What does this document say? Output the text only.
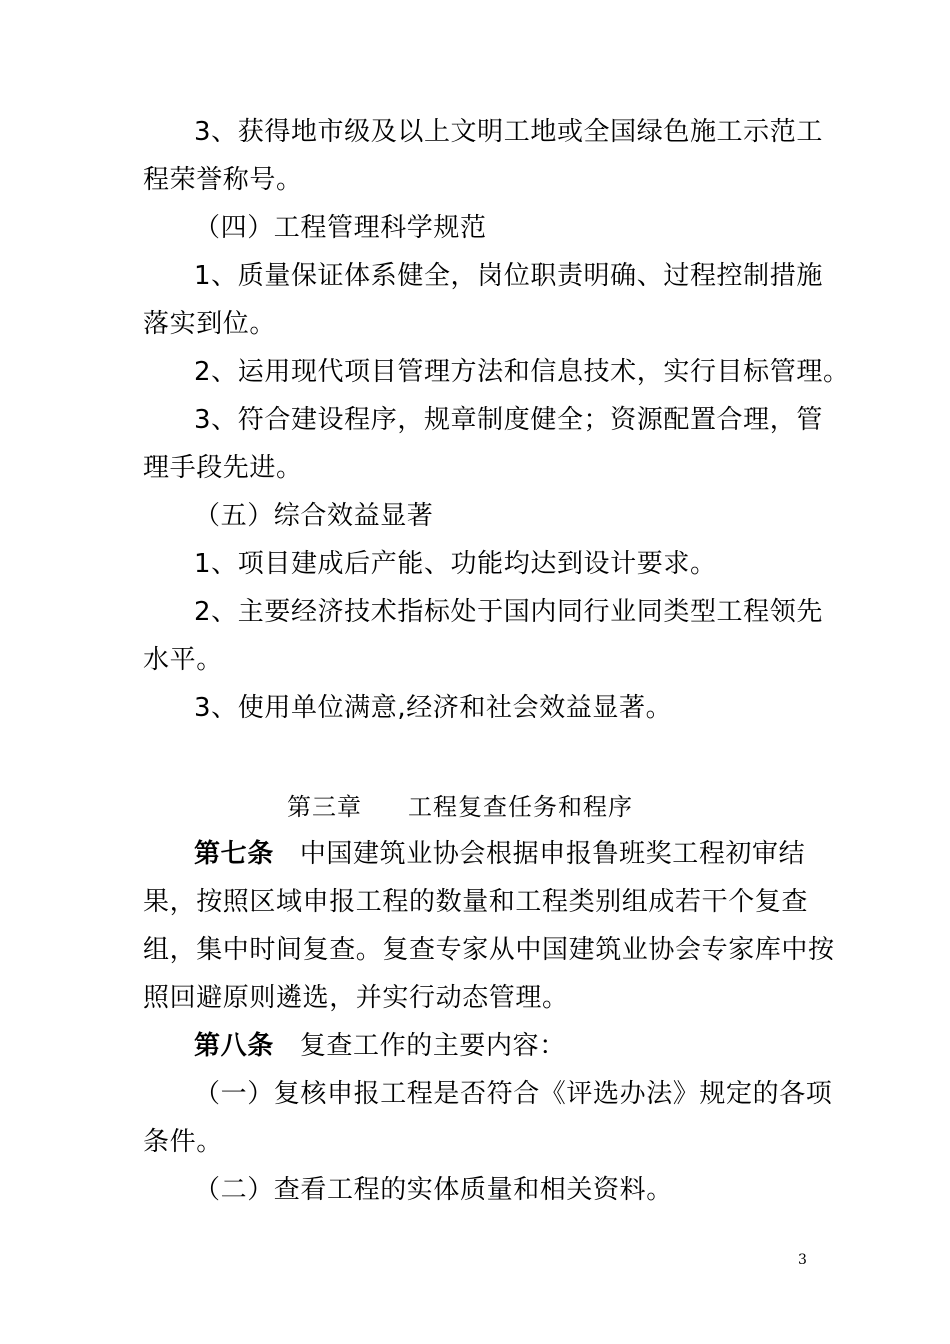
3、获得地市级及以上文明工地或全国绿色施工示范工
程荣誉称号。
（四）工程管理科学规范
1、质量保证体系健全，岗位职责明确、过程控制措施
落实到位。
2、运用现代项目管理方法和信息技术，实行目标管理。
3、符合建设程序，规章制度健全；资源配置合理，管
理手段先进。
（五）综合效益显著
1、项目建成后产能、功能均达到设计要求。
2、主要经济技术指标处于国内同行业同类型工程领先
水平。
3、使用单位满意,经济和社会效益显著。
第三章 工程复查任务和程序
第七条 中国建筑业协会根据申报鲁班奖工程初审结
果，按照区域申报工程的数量和工程类别组成若干个复查
组，集中时间复查。复查专家从中国建筑业协会专家库中按
照回避原则遴选，并实行动态管理。
第八条 复查工作的主要内容：
（一）复核申报工程是否符合《评选办法》规定的各项
条件。
（二）查看工程的实体质量和相关资料。
3
